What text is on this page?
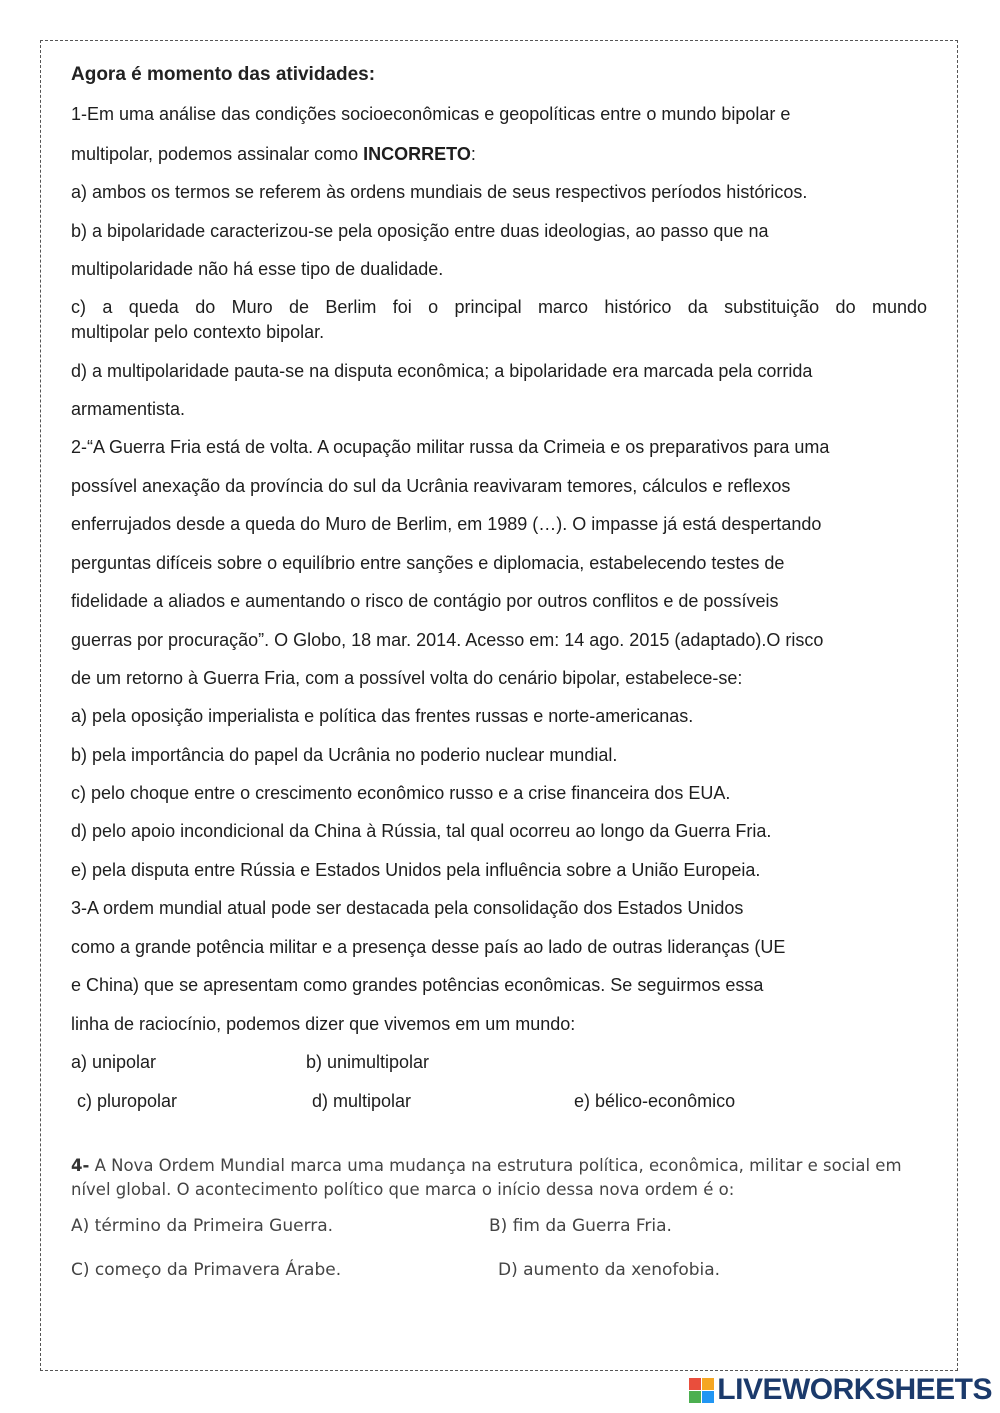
Agora é momento das atividades:
1-Em uma análise das condições socioeconômicas e geopolíticas entre o mundo bipolar e
multipolar, podemos assinalar como INCORRETO:
a) ambos os termos se referem às ordens mundiais de seus respectivos períodos históricos.
b) a bipolaridade caracterizou-se pela oposição entre duas ideologias, ao passo que na
multipolaridade não há esse tipo de dualidade.
c) a queda do Muro de Berlim foi o principal marco histórico da substituição do mundo
multipolar pelo contexto bipolar.
d) a multipolaridade pauta-se na disputa econômica; a bipolaridade era marcada pela corrida
armamentista.
2-“A Guerra Fria está de volta. A ocupação militar russa da Crimeia e os preparativos para uma
possível anexação da província do sul da Ucrânia reavivaram temores, cálculos e reflexos
enferrujados desde a queda do Muro de Berlim, em 1989 (…). O impasse já está despertando
perguntas difíceis sobre o equilíbrio entre sanções e diplomacia, estabelecendo testes de
fidelidade a aliados e aumentando o risco de contágio por outros conflitos e de possíveis
guerras por procuração”. O Globo, 18 mar. 2014. Acesso em: 14 ago. 2015 (adaptado).O risco
de um retorno à Guerra Fria, com a possível volta do cenário bipolar, estabelece-se:
a) pela oposição imperialista e política das frentes russas e norte-americanas.
b) pela importância do papel da Ucrânia no poderio nuclear mundial.
c) pelo choque entre o crescimento econômico russo e a crise financeira dos EUA.
d) pelo apoio incondicional da China à Rússia, tal qual ocorreu ao longo da Guerra Fria.
e) pela disputa entre Rússia e Estados Unidos pela influência sobre a União Europeia.
3-A ordem mundial atual pode ser destacada pela consolidação dos Estados Unidos
como a grande potência militar e a presença desse país ao lado de outras lideranças (UE
e China) que se apresentam como grandes potências econômicas. Se seguirmos essa
linha de raciocínio, podemos dizer que vivemos em um mundo:
a) unipolar	b) unimultipolar
c) pluropolar	d) multipolar	e) bélico-econômico
4- A Nova Ordem Mundial marca uma mudança na estrutura política, econômica, militar e social em nível global. O acontecimento político que marca o início dessa nova ordem é o:
A) término da Primeira Guerra.	B) fim da Guerra Fria.
C) começo da Primavera Árabe.	D) aumento da xenofobia.
LIVEWORKSHEETS
